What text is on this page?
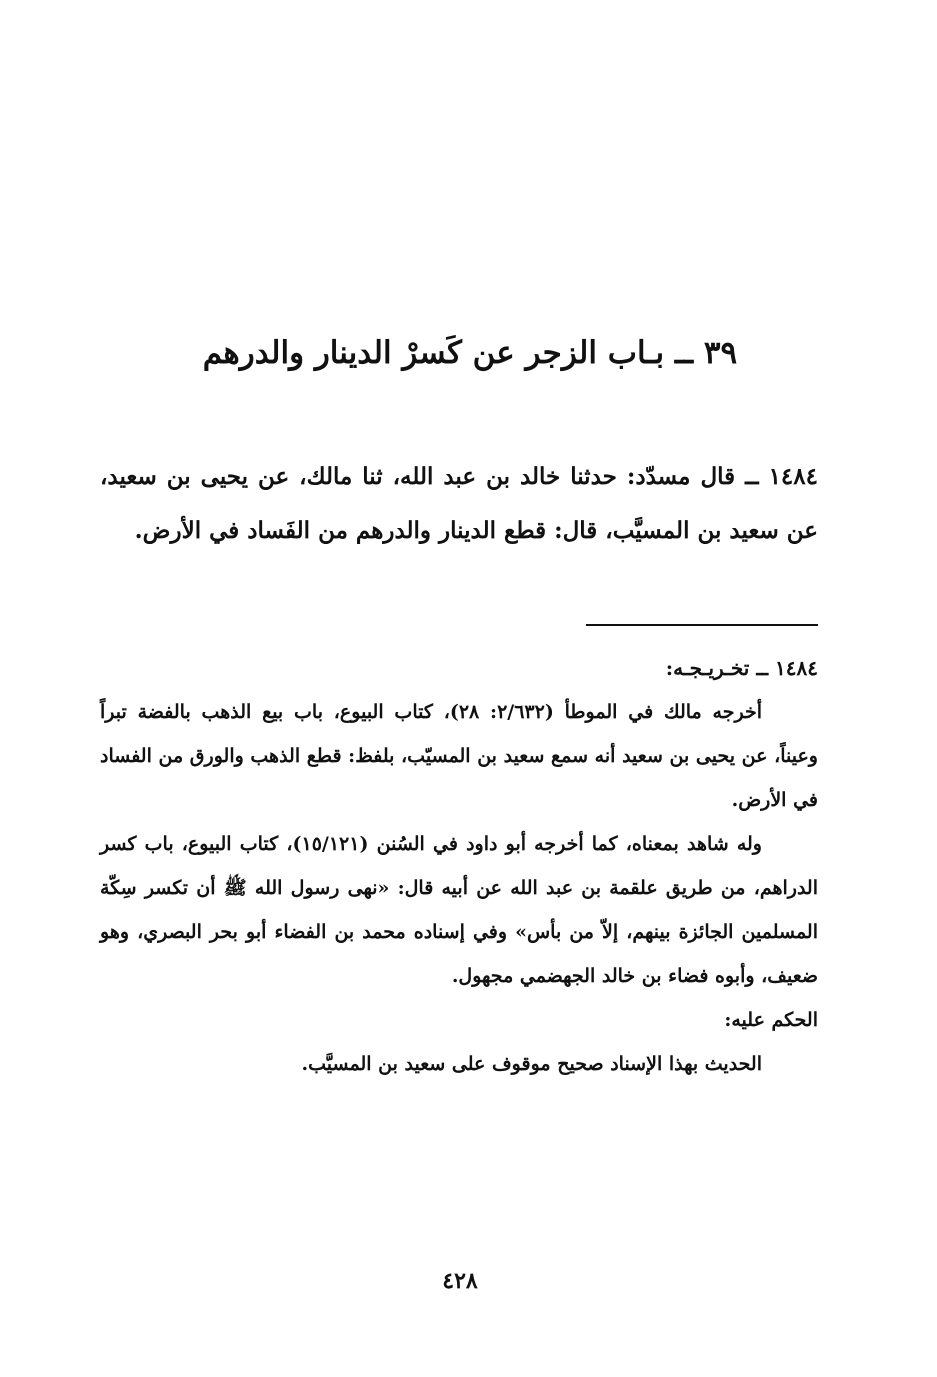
٣٩ ــ بـاب الزجر عن كَسرْ الدينار والدرهم

١٤٨٤ ــ قال مسدّد: حدثنا خالد بن عبد الله، ثنا مالك، عن يحيى بن سعيد، عن سعيد بن المسيَّب، قال: قطع الدينار والدرهم من الفَساد في الأرض.

١٤٨٤ ــ تخـريـجـه:

أخرجه مالك في الموطأ (٢/٦٣٢: ٢٨)، كتاب البيوع، باب بيع الذهب بالفضة تبراً وعيناً، عن يحيى بن سعيد أنه سمع سعيد بن المسيّب، بلفظ: قطع الذهب والورق من الفساد في الأرض.

وله شاهد بمعناه، كما أخرجه أبو داود في السُنن (١٥/١٢١)، كتاب البيوع، باب كسر الدراهم، من طريق علقمة بن عبد الله عن أبيه قال: «نهى رسول الله ﷺ أن تكسر سِكّة المسلمين الجائزة بينهم، إلاّ من بأس» وفي إسناده محمد بن الفضاء أبو بحر البصري، وهو ضعيف، وأبوه فضاء بن خالد الجهضمي مجهول.

الحكم عليه:

الحديث بهذا الإسناد صحيح موقوف على سعيد بن المسيَّب.

٤٢٨
